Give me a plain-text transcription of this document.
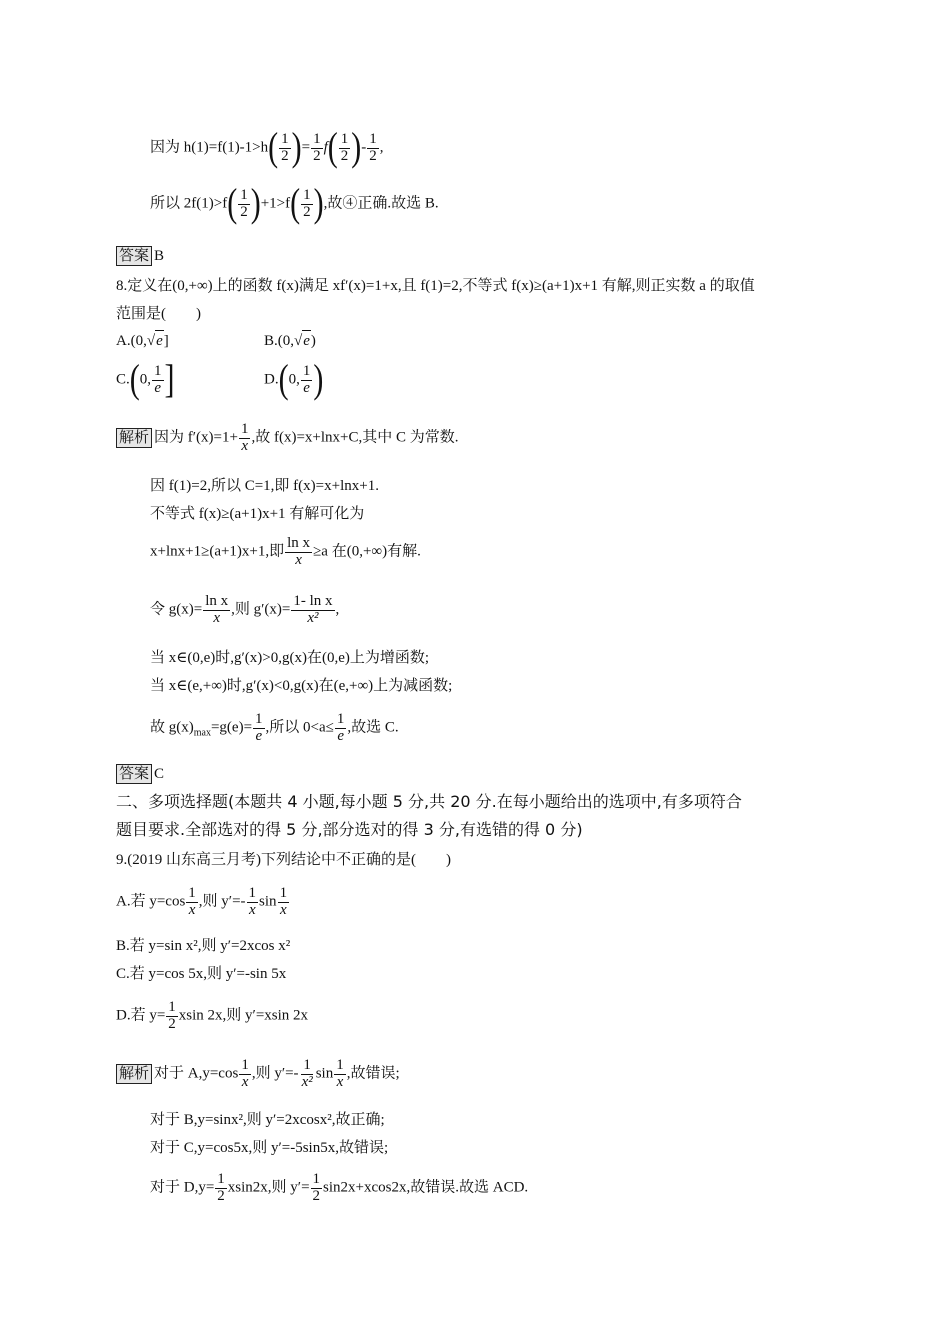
因为 $h(1)=f(1)-1>h( \frac{1}{2}$ )= $\frac{1}{2} f( \frac{1}{2}$ )- $\frac{1}{2}$ ,
所以 $2f(1)>f( \frac{1}{2} )+1>f( \frac{1}{2}$ ),故④正确.故选 B.
答案 B
8.定义在(0,+∞)上的函数 f(x)满足 xf′(x)=1+x,且 f(1)=2,不等式 f(x)≥(a+1)x+1 有解,则正实数 a 的取值
范围是(　　)
A.(0,√e]	B.(0,√e)
C.(0, $\frac{1}{e}$ ]	D.(0, $\frac{1}{e}$ )
解析 因为 $f'(x)=1+ \frac{1}{x}$ ,故 f(x)=x+lnx+C,其中 C 为常数.
因 f(1)=2,所以 C=1,即 f(x)=x+lnx+1.
不等式 f(x)≥(a+1)x+1 有解可化为
x+lnx+1≥(a+1)x+1,即 $\frac{\text{ln x}}{x} \ge a$ 在(0,+∞)有解.
令 $g(x)= \frac{\text{ln x}}{x}$ ,则 $g'(x)= \frac{\text{1- ln x}}{\text{x²}}$ ,
当 x∈(0,e)时,g′(x)>0,g(x)在(0,e)上为增函数;
当 x∈(e,+∞)时,g′(x)<0,g(x)在(e,+∞)上为减函数;
故 $g(x)_{max}=g(e)= \frac{1}{e}$ ,所以 $0<a\le \frac{1}{e}$ ,故选 C.
答案 C
二、多项选择题(本题共 4 小题,每小题 5 分,共 20 分.在每小题给出的选项中,有多项符合
题目要求.全部选对的得 5 分,部分选对的得 3 分,有选错的得 0 分)
9.(2019 山东高三月考)下列结论中不正确的是(　　)
A.若 $y=\cos \frac{1}{x}$ ,则 $y'=- \frac{1}{x}$ $\sin \frac{1}{x}$
B.若 y=sin x²,则 y′=2xcos x²
C.若 y=cos 5x,则 y′=-sin 5x
D.若 $y= \frac{1}{2}$ xsin 2x,则 y′=xsin 2x
解析 对于 $A,y=\cos \frac{1}{x}$ ,则 $y'=- \frac{1}{\text{x²}}$ $\sin \frac{1}{x}$ ,故错误;
对于 B,y=sinx²,则 y′=2xcosx²,故正确;
对于 C,y=cos5x,则 y′=-5sin5x,故错误;
对于 $D,y= \frac{1}{2} xsin2x$,则 $y'= \frac{1}{2} \sin 2x+xcos2x$,故错误.故选 ACD.
